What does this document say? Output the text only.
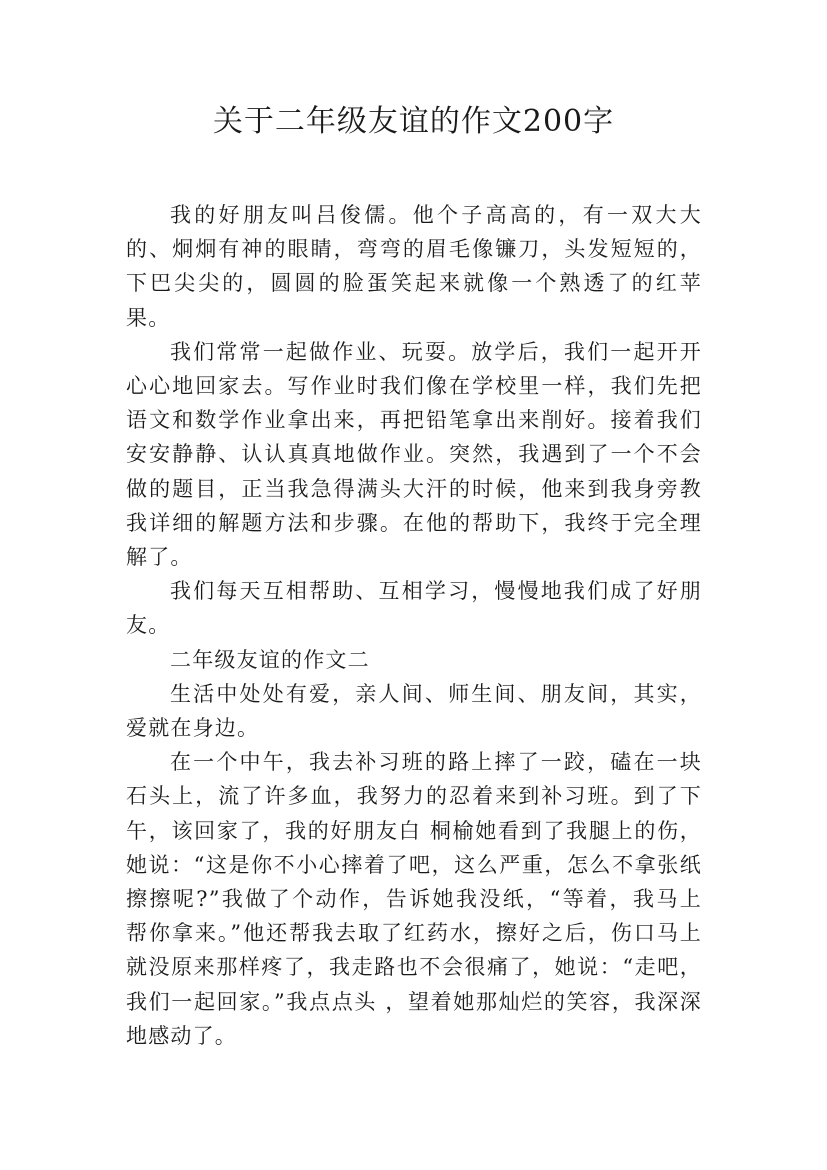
关于二年级友谊的作文200字

我的好朋友叫吕俊儒。他个子高高的，有一双大大的、炯炯有神的眼睛，弯弯的眉毛像镰刀，头发短短的，下巴尖尖的，圆圆的脸蛋笑起来就像一个熟透了的红苹果。

我们常常一起做作业、玩耍。放学后，我们一起开开心心地回家去。写作业时我们像在学校里一样，我们先把语文和数学作业拿出来，再把铅笔拿出来削好。接着我们安安静静、认认真真地做作业。突然，我遇到了一个不会做的题目，正当我急得满头大汗的时候，他来到我身旁教我详细的解题方法和步骤。在他的帮助下，我终于完全理解了。

我们每天互相帮助、互相学习，慢慢地我们成了好朋友。

二年级友谊的作文二

生活中处处有爱，亲人间、师生间、朋友间，其实，爱就在身边。

在一个中午，我去补习班的路上摔了一跤，磕在一块石头上，流了许多血，我努力的忍着来到补习班。到了下午，该回家了，我的好朋友白 桐榆她看到了我腿上的伤，她说：“这是你不小心摔着了吧，这么严重，怎么不拿张纸擦擦呢?”我做了个动作，告诉她我没纸，“等着，我马上 帮你拿来。”他还帮我去取了红药水，擦好之后，伤口马上就没原来那样疼了，我走路也不会很痛了，她说：“走吧，我们一起回家。”我点点头 ，望着她那灿烂的笑容，我深深地感动了。
